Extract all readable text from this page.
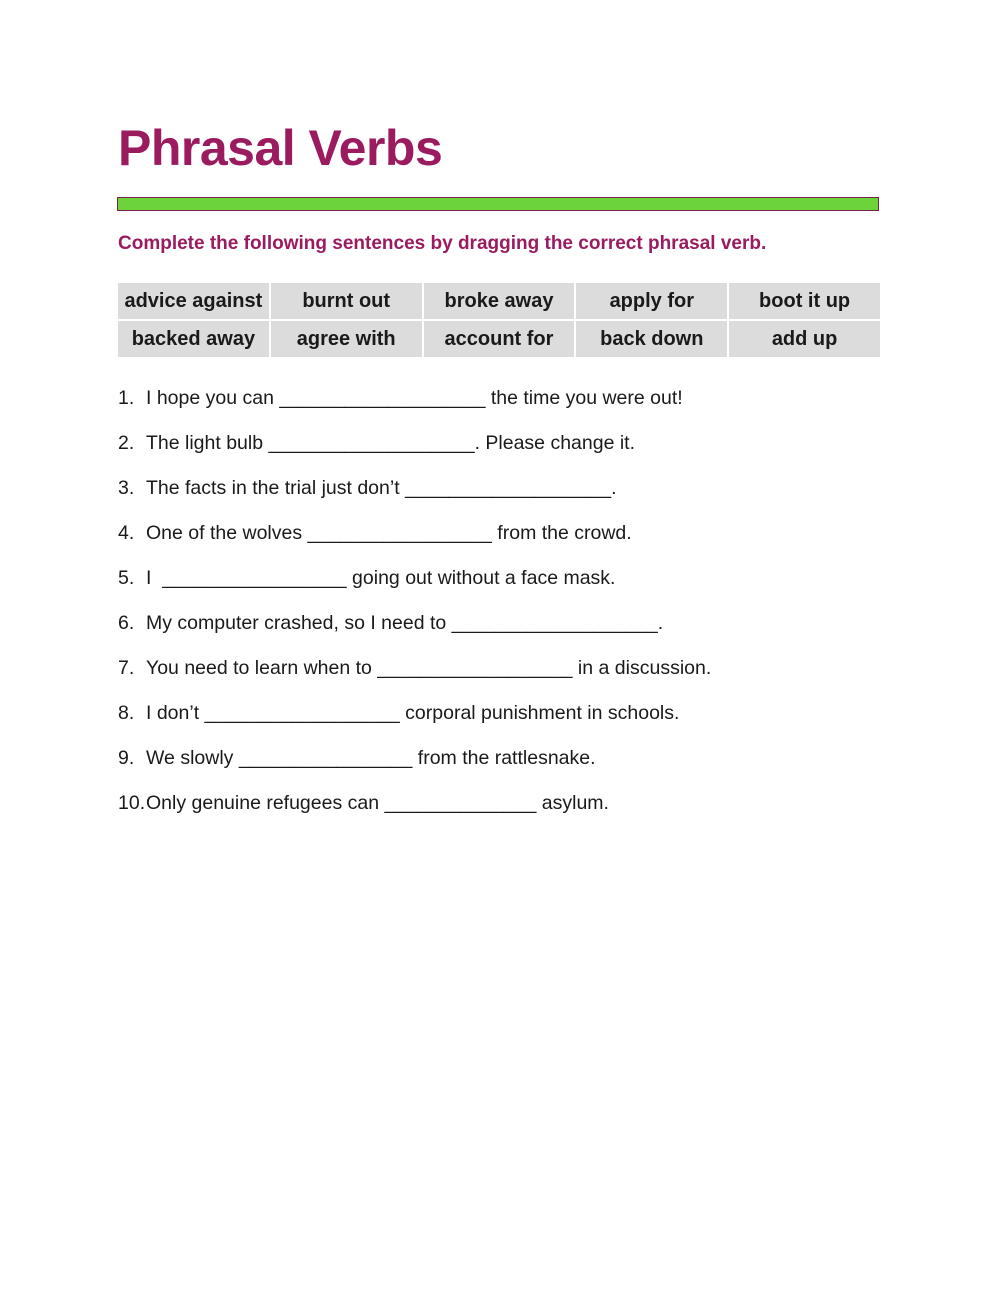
Phrasal Verbs

Complete the following sentences by dragging the correct phrasal verb.

advice against	burnt out	broke away	apply for	boot it up
backed away	agree with	account for	back down	add up
1. I hope you can ___________________ the time you were out!
2. The light bulb ___________________ . Please change it.
3. The facts in the trial just don’t ___________________ .
4. One of the wolves _________________ from the crowd.
5. I _________________ going out without a face mask.
6. My computer crashed, so I need to ___________________ .
7. You need to learn when to __________________ in a discussion.
8. I don’t __________________ corporal punishment in schools.
9. We slowly ________________ from the rattlesnake.
10. Only genuine refugees can ______________ asylum.
